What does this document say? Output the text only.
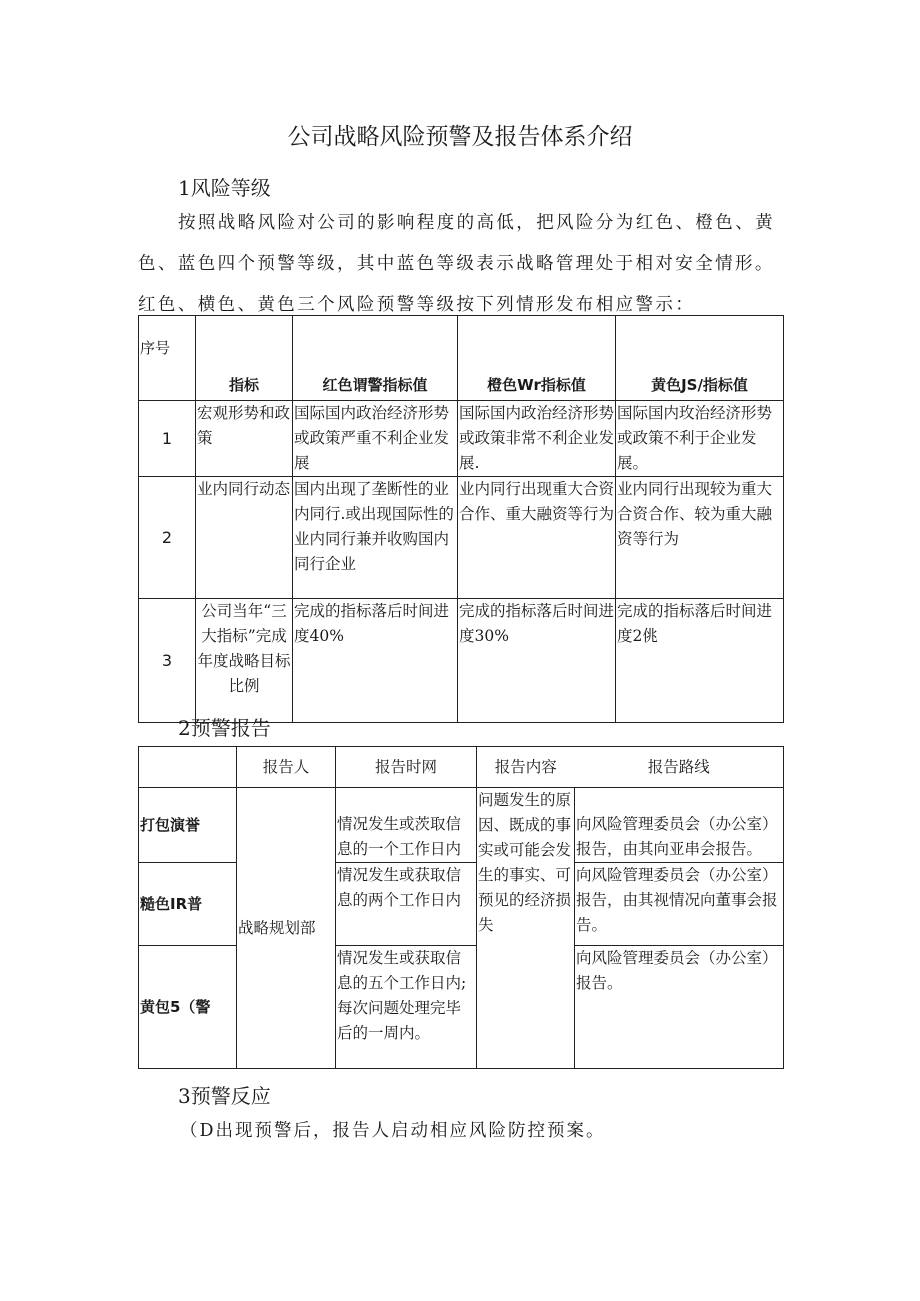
公司战略风险预警及报告体系介绍
1风险等级
按照战略风险对公司的影响程度的高低，把风险分为红色、橙色、黄
色、蓝色四个预警等级，其中蓝色等级表示战略管理处于相对安全情形。
红色、横色、黄色三个风险预警等级按下列情形发布相应警示：
序号	指标	红色谓警指标值	橙色Wr指标值	黄色JS/指标值
1	宏观形势和政策	国际国内政治经济形势或政策严重不利企业发展	国际国内政治经济形势或政策非常不利企业发展.	国际国内玫治经济形势或政策不利于企业发展。
2	业内同行动态	国内出现了垄断性的业内同行.或出现国际性的业内同行兼并收购国内同行企业	业内同行出现重大合资合作、重大融资等行为	业内同行出现较为重大合资合作、较为重大融资等行为
3	公司当年“三大指标”完成年度战略目标比例	完成的指标落后时间进度40%	完成的指标落后时间进度30%	完成的指标落后时间进度2佻
2预警报告
	报告人	报告时网	报告内容	报告路线
打包演誉	战略规划部	情况发生或茨取信息的一个工作日内	问题发生的原因、既成的事实或可能会发生的事实、可预见的经济损失	向风险管理委员会（办公室）报告，由其向亚串会报告。
糙色IR普		情况发生或获取信息的两个工作日内		向风险管理委员会（办公室）报告，由其视情况向董事会报告。
黄包5（警		情况发生或获取信息的五个工作日内;每次问题处理完毕后的一周内。		向风险管理委员会（办公室）报告。
3预警反应
（D出现预警后，报告人启动相应风险防控预案。
